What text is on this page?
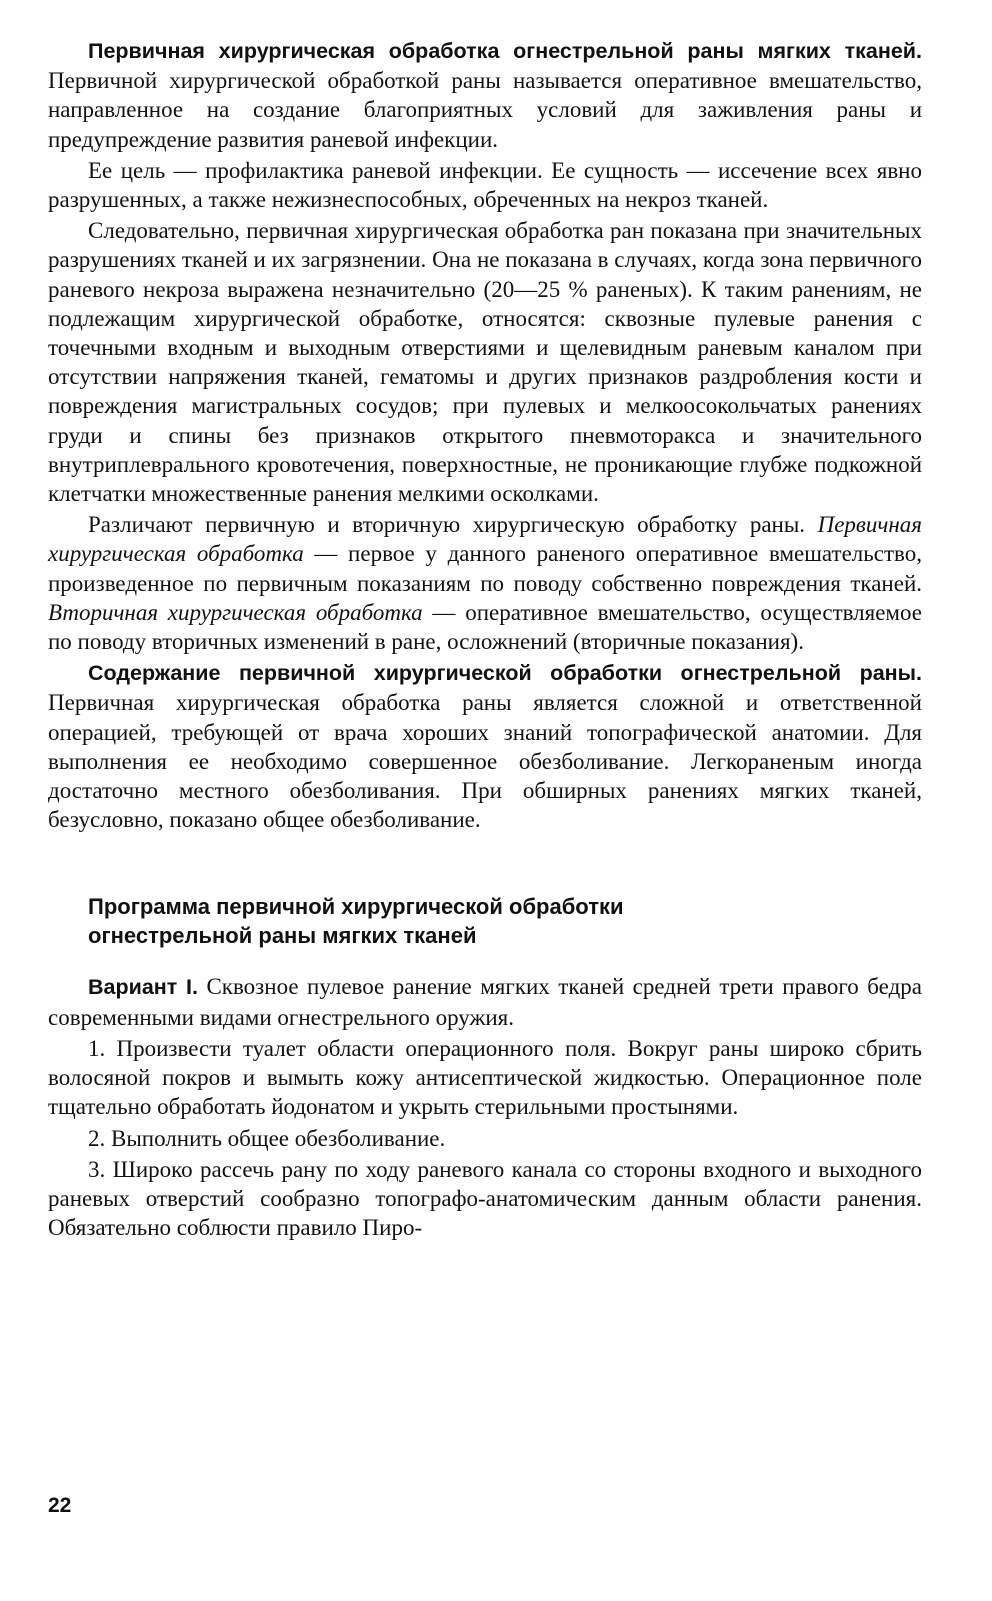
Первичная хирургическая обработка огнестрельной раны мягких тканей. Первичной хирургической обработкой раны называется оперативное вмешательство, направленное на создание благоприятных условий для заживления раны и предупреждение развития раневой инфекции.

Ее цель — профилактика раневой инфекции. Ее сущность — иссечение всех явно разрушенных, а также нежизнеспособных, обреченных на некроз тканей.

Следовательно, первичная хирургическая обработка ран показана при значительных разрушениях тканей и их загрязнении. Она не показана в случаях, когда зона первичного раневого некроза выражена незначительно (20—25 % раненых). К таким ранениям, не подлежащим хирургической обработке, относятся: сквозные пулевые ранения с точечными входным и выходным отверстиями и щелевидным раневым каналом при отсутствии напряжения тканей, гематомы и других признаков раздробления кости и повреждения магистральных сосудов; при пулевых и мелкоосокольчатых ранениях груди и спины без признаков открытого пневмоторакса и значительного внутриплеврального кровотечения, поверхностные, не проникающие глубже подкожной клетчатки множественные ранения мелкими осколками.

Различают первичную и вторичную хирургическую обработку раны. Первичная хирургическая обработка — первое у данного раненого оперативное вмешательство, произведенное по первичным показаниям по поводу собственно повреждения тканей. Вторичная хирургическая обработка — оперативное вмешательство, осуществляемое по поводу вторичных изменений в ране, осложнений (вторичные показания).

Содержание первичной хирургической обработки огнестрельной раны. Первичная хирургическая обработка раны является сложной и ответственной операцией, требующей от врача хороших знаний топографической анатомии. Для выполнения ее необходимо совершенное обезболивание. Легкораненым иногда достаточно местного обезболивания. При обширных ранениях мягких тканей, безусловно, показано общее обезболивание.

Программа первичной хирургической обработки
огнестрельной раны мягких тканей

Вариант I. Сквозное пулевое ранение мягких тканей средней трети правого бедра современными видами огнестрельного оружия.

1. Произвести туалет области операционного поля. Вокруг раны широко сбрить волосяной покров и вымыть кожу антисептической жидкостью. Операционное поле тщательно обработать йодонатом и укрыть стерильными простынями.

2. Выполнить общее обезболивание.

3. Широко рассечь рану по ходу раневого канала со стороны входного и выходного раневых отверстий сообразно топографо-анатомическим данным области ранения. Обязательно соблюсти правило Пиро-

22
